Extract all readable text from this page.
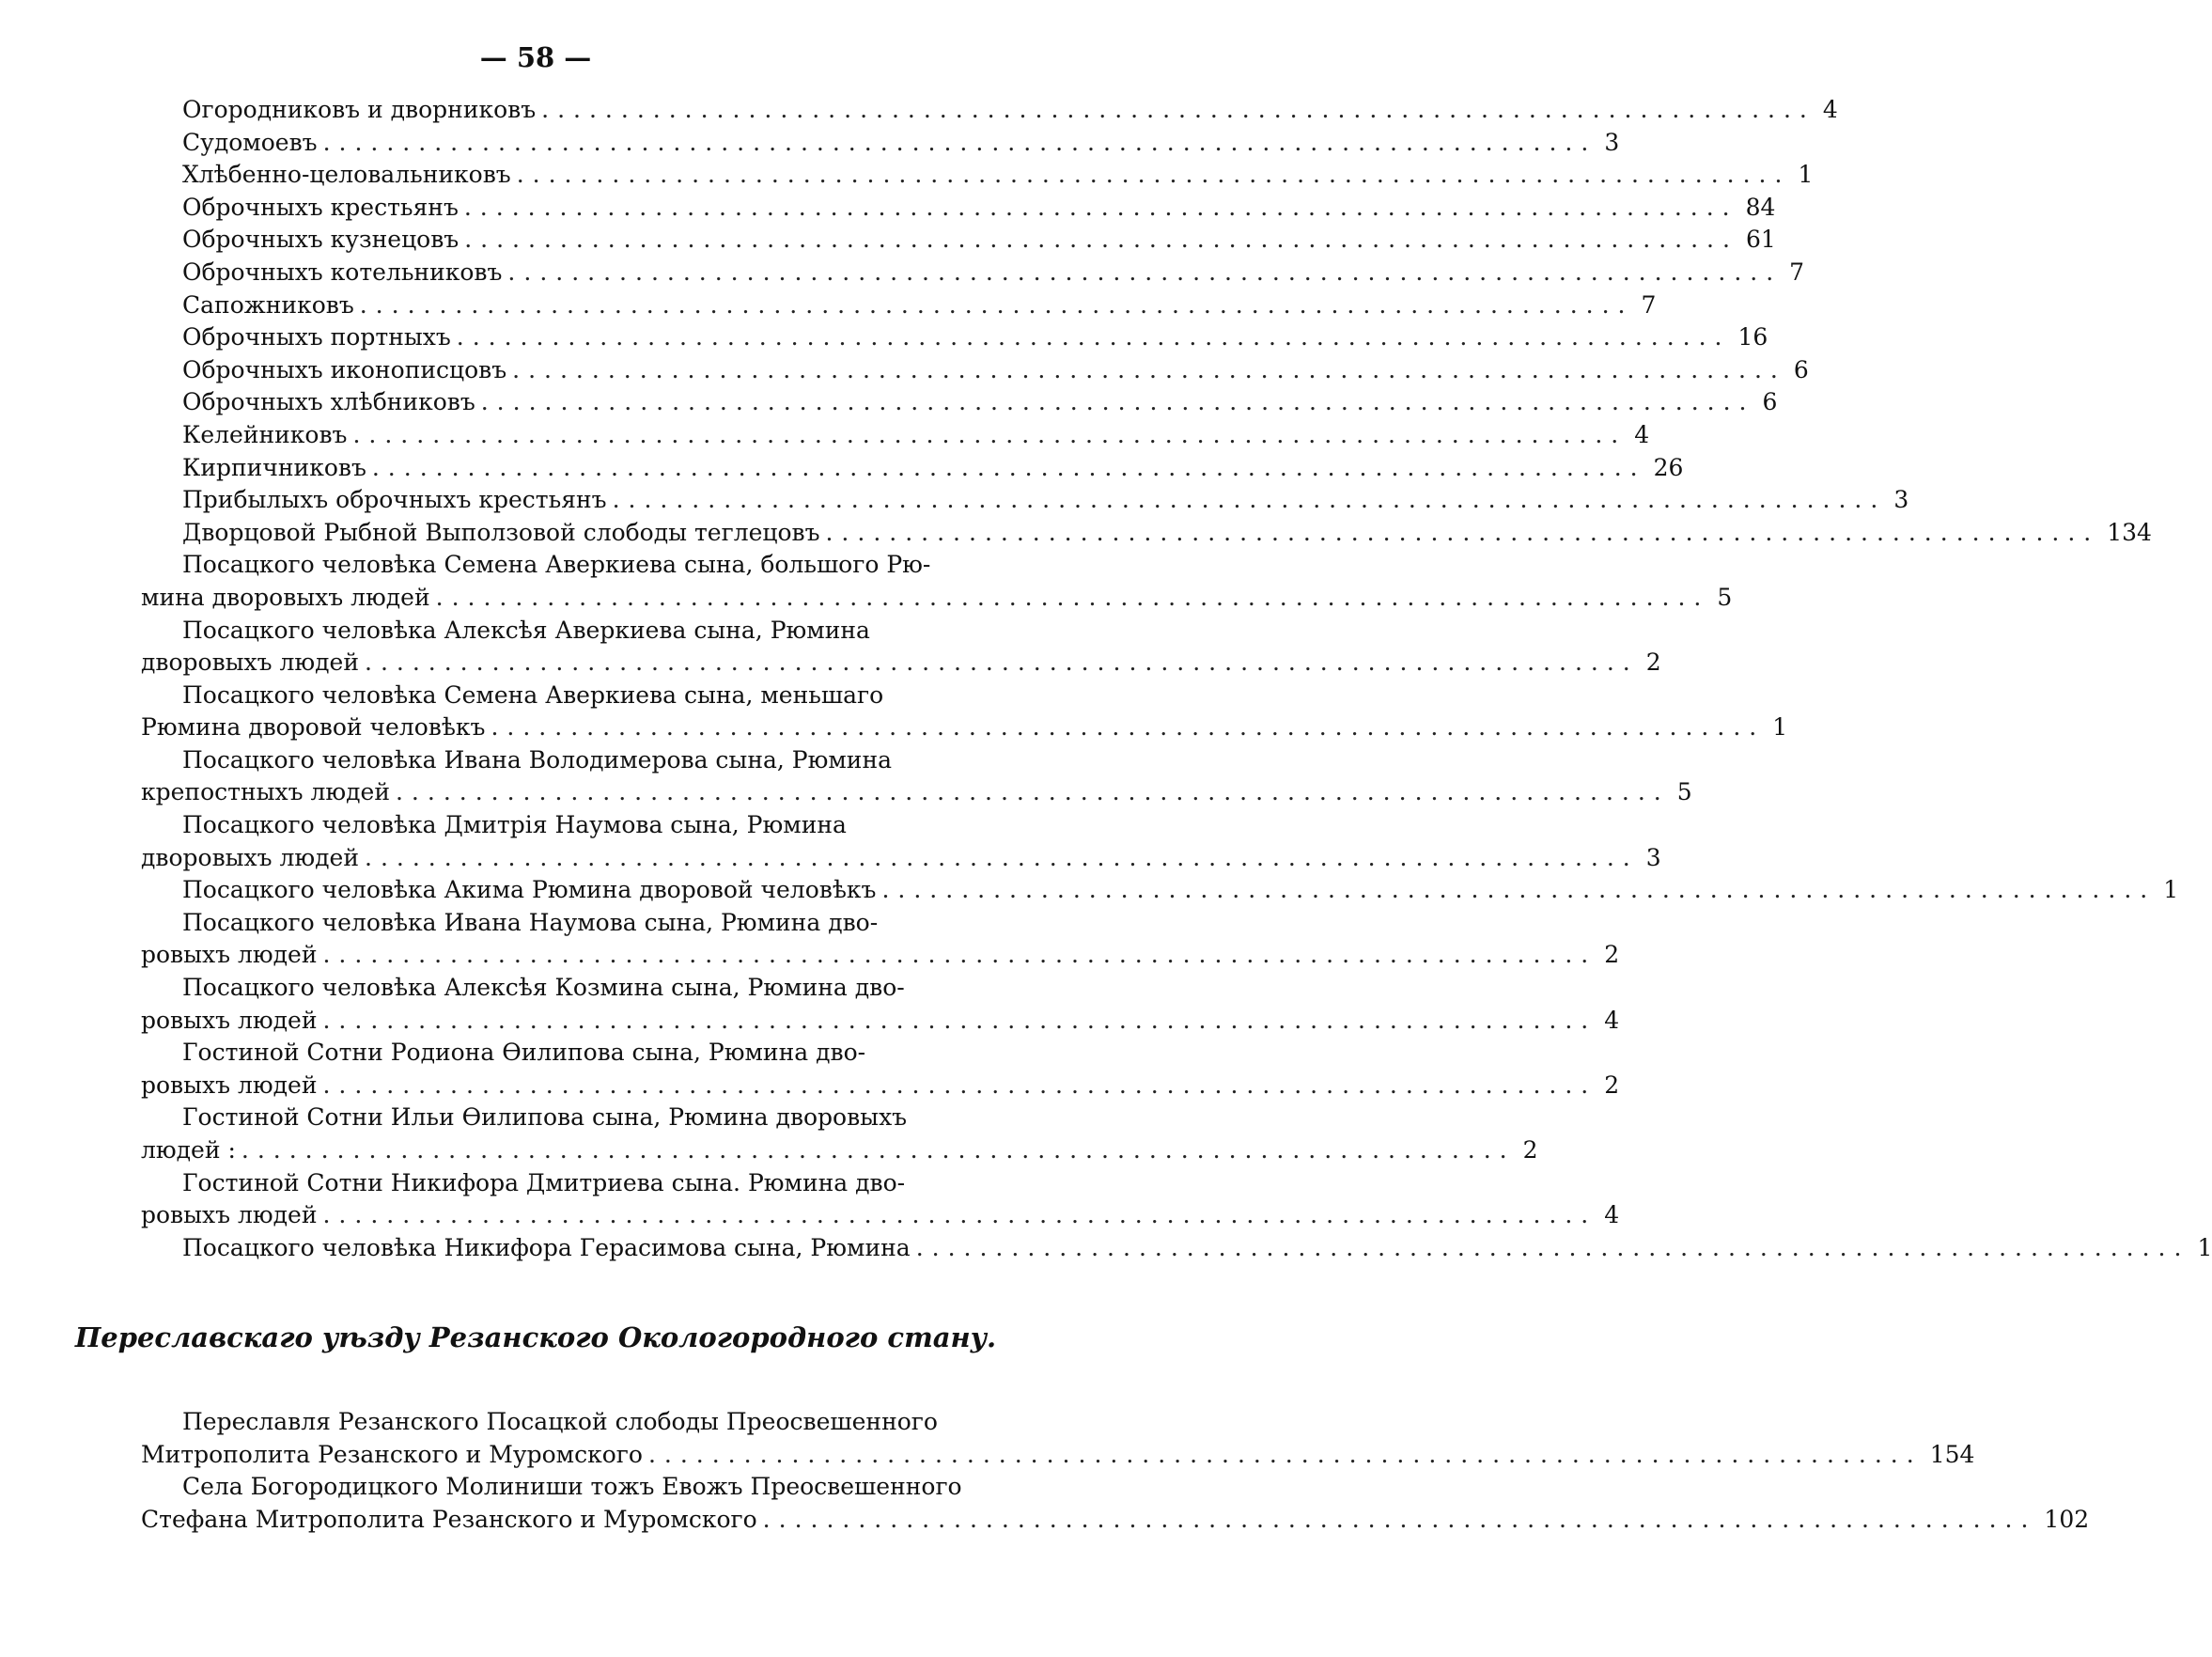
— 58 —
Огородниковъ и дворниковъ ................................................................................ 4
Судомоевъ ................................................................................ 3
Хлѣбенно-целовальниковъ ................................................................................ 1
Оброчныхъ крестьянъ ................................................................................ 84
Оброчныхъ кузнецовъ ................................................................................ 61
Оброчныхъ котельниковъ ................................................................................ 7
Сапожниковъ ................................................................................ 7
Оброчныхъ портныхъ ................................................................................ 16
Оброчныхъ иконописцовъ ................................................................................ 6
Оброчныхъ хлѣбниковъ ................................................................................ 6
Келейниковъ ................................................................................ 4
Кирпичниковъ ................................................................................ 26
Прибылыхъ оброчныхъ крестьянъ ................................................................................ 3
Дворцовой Рыбной Выползовой слободы теглецовъ ................................................................................ 134
Посацкого человѣка Семена Аверкиева сына, большого Рю-
мина дворовыхъ людей ................................................................................ 5
Посацкого человѣка Алексѣя Аверкиева сына, Рюмина
дворовыхъ людей ................................................................................ 2
Посацкого человѣка Семена Аверкиева сына, меньшаго
Рюмина дворовой человѣкъ ................................................................................ 1
Посацкого человѣка Ивана Володимерова сына, Рюмина
крепостныхъ людей ................................................................................ 5
Посацкого человѣка Дмитрія Наумова сына, Рюмина
дворовыхъ людей ................................................................................ 3
Посацкого человѣка Акима Рюмина дворовой человѣкъ ................................................................................ 1
Посацкого человѣка Ивана Наумова сына, Рюмина дво-
ровыхъ людей ................................................................................ 2
Посацкого человѣка Алексѣя Козмина сына, Рюмина дво-
ровыхъ людей ................................................................................ 4
Гостиной Сотни Родиона Ѳилипова сына, Рюмина дво-
ровыхъ людей ................................................................................ 2
Гостиной Сотни Ильи Ѳилипова сына, Рюмина дворовыхъ
людей : ................................................................................ 2
Гостиной Сотни Никифора Дмитриева сына. Рюмина дво-
ровыхъ людей ................................................................................ 4
Посацкого человѣка Никифора Герасимова сына, Рюмина ................................................................................ 1
Переславскаго уѣзду Резанского Окологородного стану.
Переславля Резанского Посацкой слободы Преосвешенного
Митрополита Резанского и Муромского ................................................................................ 154
Села Богородицкого Молиниши тожъ Евожъ Преосвешенного
Стефана Митрополита Резанского и Муромского ................................................................................ 102
